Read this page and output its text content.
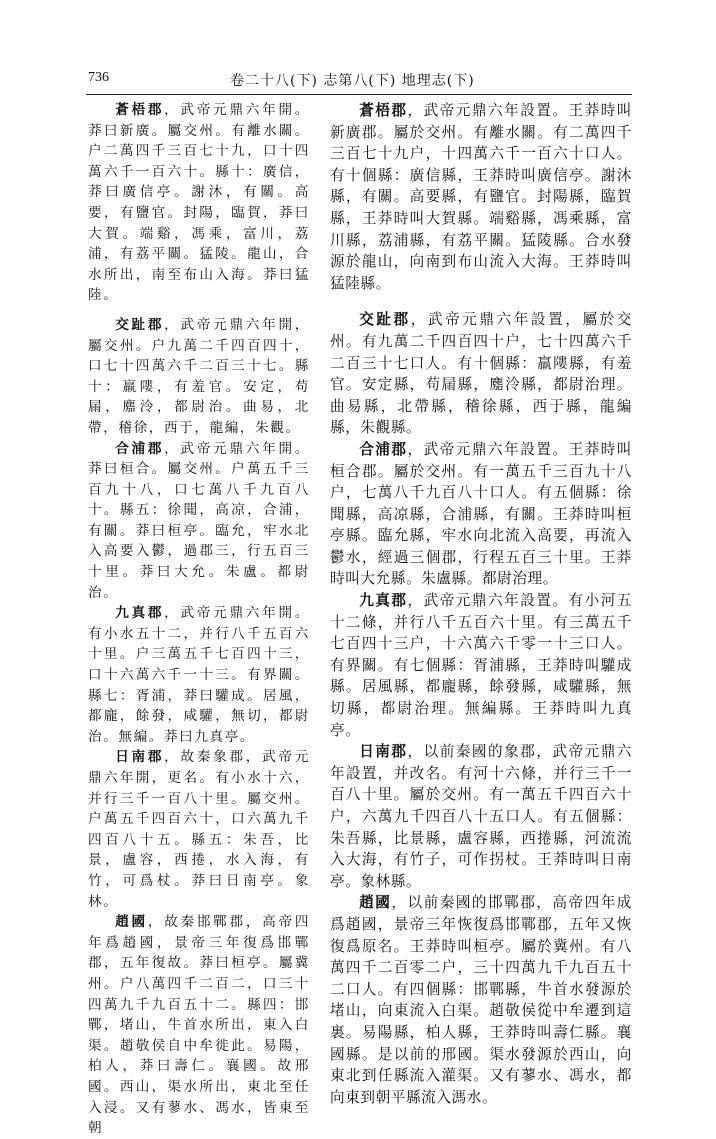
736	卷二十八(下) 志第八(下) 地理志(下)

蒼梧郡，武帝元鼎六年開。莽曰新廣。屬交州。有離水關。户二萬四千三百七十九，口十四萬六千一百六十。縣十：廣信，莽曰廣信亭。謝沐，有關。高要，有鹽官。封陽，臨賀，莽曰大賀。端谿，馮乘，富川，荔浦，有荔平關。猛陵。龍山，合水所出，南至布山入海。莽曰猛陸。

交趾郡，武帝元鼎六年開，屬交州。户九萬二千四百四十，口七十四萬六千二百三十七。縣十：羸𨻻，有羞官。安定，苟屚，䴥泠，都尉治。曲易，北帶，稽徐，西于，龍編，朱觀。

合浦郡，武帝元鼎六年開。莽曰桓合。屬交州。户萬五千三百九十八，口七萬八千九百八十。縣五：徐聞，高凉，合浦，有關。莽曰桓亭。臨允，牢水北入高要入鬱，過郡三，行五百三十里。莽曰大允。朱盧。都尉治。

九真郡，武帝元鼎六年開。有小水五十二，并行八千五百六十里。户三萬五千七百四十三，口十六萬六千一十三。有界關。縣七：胥浦，莽曰驩成。居風，都龐，餘發，咸驩，無切，都尉治。無編。莽曰九真亭。

日南郡，故秦象郡，武帝元鼎六年開，更名。有小水十六，并行三千一百八十里。屬交州。户萬五千四百六十，口六萬九千四百八十五。縣五：朱吾，比景，盧容，西捲，水入海，有竹，可爲杖。莽曰日南亭。象林。

趙國，故秦邯鄲郡，高帝四年爲趙國，景帝三年復爲邯鄲郡，五年復故。莽曰桓亭。屬冀州。户八萬四千二百二，口三十四萬九千九百五十二。縣四：邯鄲，堵山，牛首水所出，東入白渠。趙敬侯自中牟徙此。易陽，柏人，莽曰壽仁。襄國。故邢國。西山，渠水所出，東北至任入浸。又有蓼水、馮水，皆東至朝

蒼梧郡，武帝元鼎六年設置。王莽時叫新廣郡。屬於交州。有離水關。有二萬四千三百七十九户，十四萬六千一百六十口人。有十個縣：廣信縣，王莽時叫廣信亭。謝沐縣，有關。高要縣，有鹽官。封陽縣，臨賀縣，王莽時叫大賀縣。端谿縣，馮乘縣，富川縣，荔浦縣，有荔平關。猛陵縣。合水發源於龍山，向南到布山流入大海。王莽時叫猛陸縣。

交趾郡，武帝元鼎六年設置，屬於交州。有九萬二千四百四十户，七十四萬六千二百三十七口人。有十個縣：羸𨻻縣，有羞官。安定縣，苟屚縣，䴥泠縣，都尉治理。曲易縣，北帶縣，稽徐縣，西于縣，龍編縣，朱觀縣。

合浦郡，武帝元鼎六年設置。王莽時叫桓合郡。屬於交州。有一萬五千三百九十八户，七萬八千九百八十口人。有五個縣：徐聞縣，高凉縣，合浦縣，有關。王莽時叫桓亭縣。臨允縣，牢水向北流入高要，再流入鬱水，經過三個郡，行程五百三十里。王莽時叫大允縣。朱盧縣。都尉治理。

九真郡，武帝元鼎六年設置。有小河五十二條，并行八千五百六十里。有三萬五千七百四十三户，十六萬六千零一十三口人。有界關。有七個縣：胥浦縣，王莽時叫驩成縣。居風縣，都龐縣，餘發縣，咸驩縣，無切縣，都尉治理。無編縣。王莽時叫九真亭。

日南郡，以前秦國的象郡，武帝元鼎六年設置，并改名。有河十六條，并行三千一百八十里。屬於交州。有一萬五千四百六十户，六萬九千四百八十五口人。有五個縣：朱吾縣，比景縣，盧容縣，西捲縣，河流流入大海，有竹子，可作拐杖。王莽時叫日南亭。象林縣。

趙國，以前秦國的邯鄲郡，高帝四年成爲趙國，景帝三年恢復爲邯鄲郡，五年又恢復爲原名。王莽時叫桓亭。屬於冀州。有八萬四千二百零二户，三十四萬九千九百五十二口人。有四個縣：邯鄲縣，牛首水發源於堵山，向東流入白渠。趙敬侯從中牟遷到這裏。易陽縣，柏人縣，王莽時叫壽仁縣。襄國縣。是以前的邢國。渠水發源於西山，向東北到任縣流入灌渠。又有蓼水、馮水，都向東到朝平縣流入溤水。
